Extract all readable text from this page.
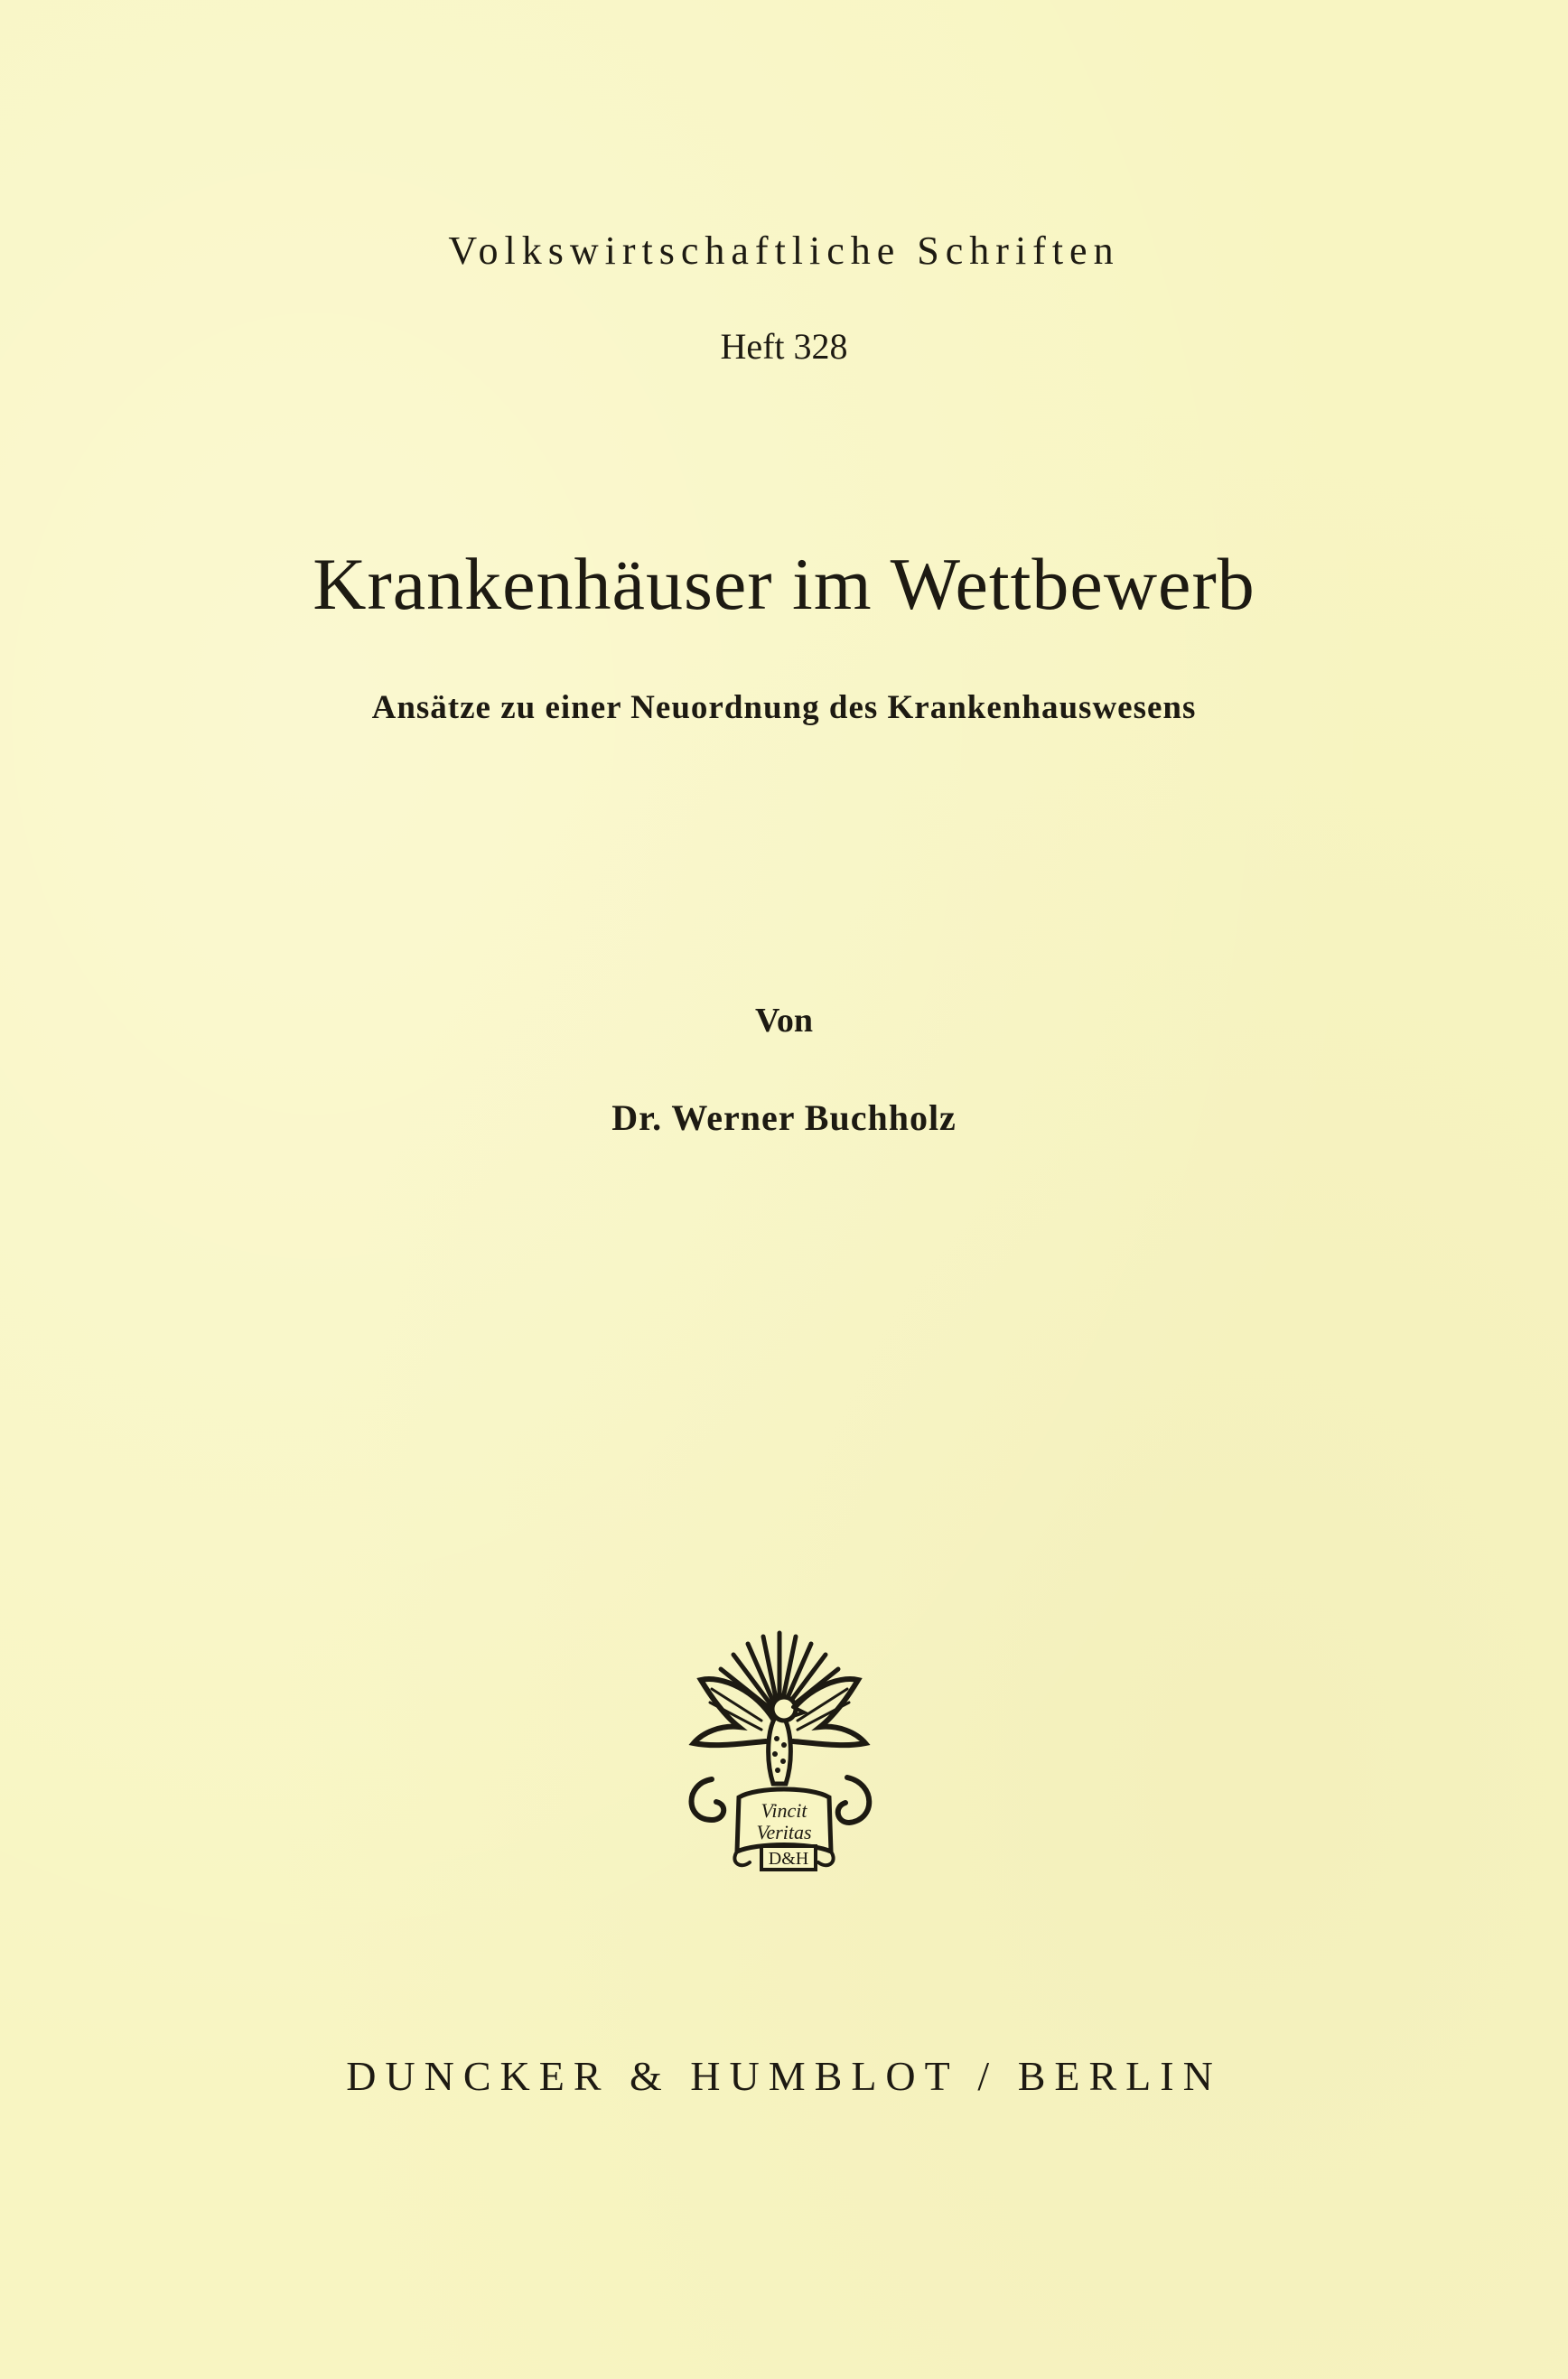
Volkswirtschaftliche Schriften

Heft 328

Krankenhäuser im Wettbewerb

Ansätze zu einer Neuordnung des Krankenhauswesens

Von

Dr. Werner Buchholz

Vincit
Veritas
D&H

DUNCKER & HUMBLOT / BERLIN
